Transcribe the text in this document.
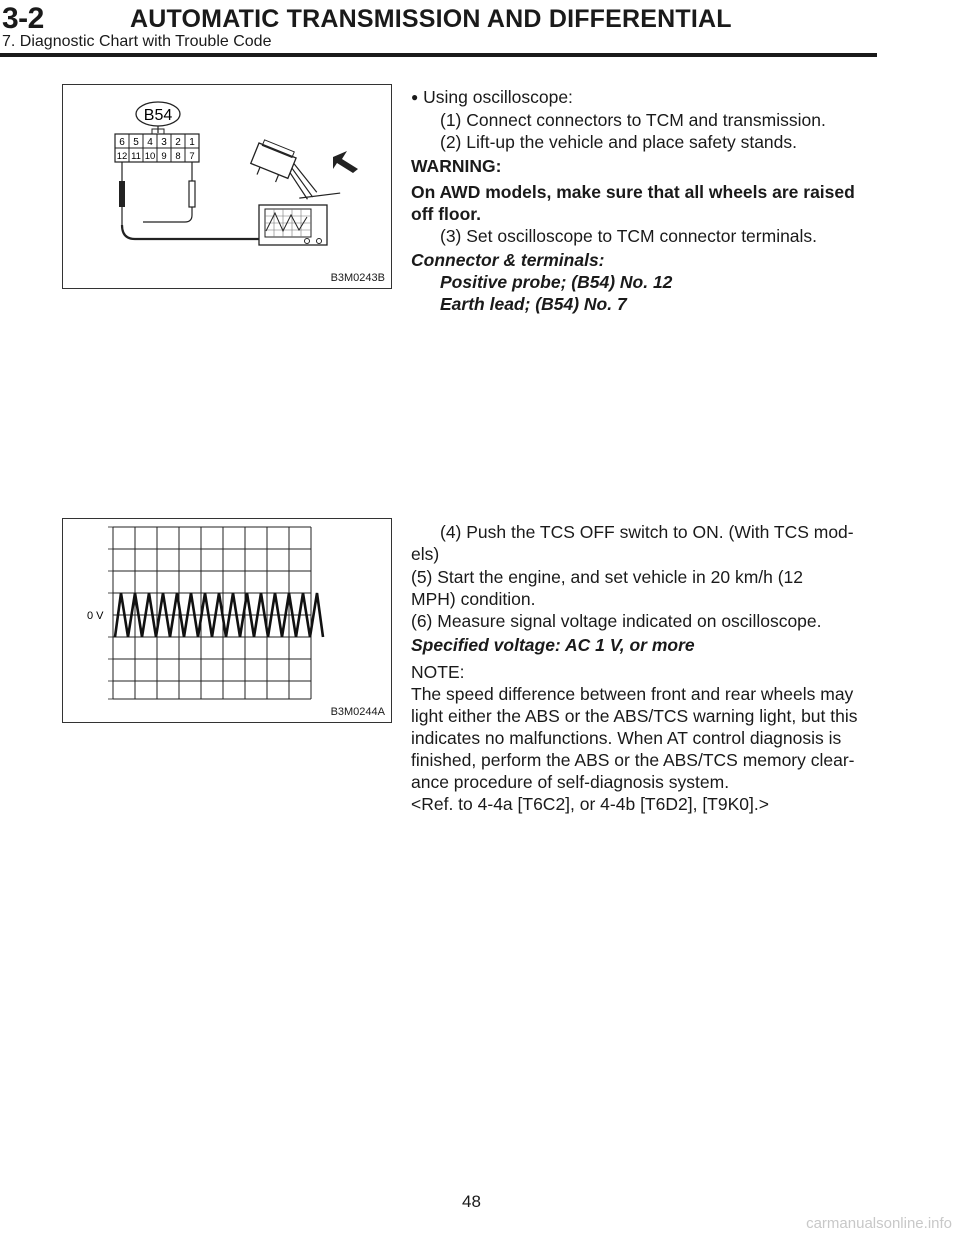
3-2	AUTOMATIC TRANSMISSION AND DIFFERENTIAL
7. Diagnostic Chart with Trouble Code
B54
6 5 4 3 2 1
12 11 10 9 8 7
B3M0243B
● Using oscilloscope:
(1) Connect connectors to TCM and transmission.
(2) Lift-up the vehicle and place safety stands.
WARNING:
On AWD models, make sure that all wheels are raised
off floor.
(3) Set oscilloscope to TCM connector terminals.
Connector & terminals:
Positive probe; (B54) No. 12
Earth lead; (B54) No. 7
0 V
B3M0244A
(4) Push the TCS OFF switch to ON. (With TCS mod-
els)
(5) Start the engine, and set vehicle in 20 km/h (12
MPH) condition.
(6) Measure signal voltage indicated on oscilloscope.
Specified voltage: AC 1 V, or more
NOTE:
The speed difference between front and rear wheels may
light either the ABS or the ABS/TCS warning light, but this
indicates no malfunctions. When AT control diagnosis is
finished, perform the ABS or the ABS/TCS memory clear-
ance procedure of self-diagnosis system.
<Ref. to 4-4a [T6C2], or 4-4b [T6D2], [T9K0].>
48
carmanualsonline.info
